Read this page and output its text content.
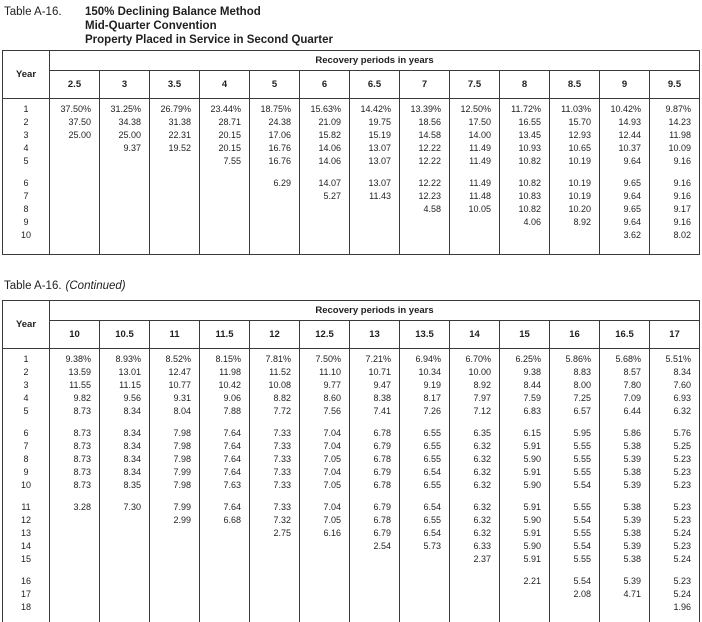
Table A-16.	150% Declining Balance Method
Mid-Quarter Convention
Property Placed in Service in Second Quarter
Year	Recovery periods in years												
	2.5	3	3.5	4	5	6	6.5	7	7.5	8	8.5	9	9.5

1	37.50%	31.25%	26.79%	23.44%	18.75%	15.63%	14.42%	13.39%	12.50%	11.72%	11.03%	10.42%	9.87%
2	37.50	34.38	31.38	28.71	24.38	21.09	19.75	18.56	17.50	16.55	15.70	14.93	14.23
3	25.00	25.00	22.31	20.15	17.06	15.82	15.19	14.58	14.00	13.45	12.93	12.44	11.98
4		9.37	19.52	20.15	16.76	14.06	13.07	12.22	11.49	10.93	10.65	10.37	10.09
5				7.55	16.76	14.06	13.07	12.22	11.49	10.82	10.19	9.64	9.16

6					6.29	14.07	13.07	12.22	11.49	10.82	10.19	9.65	9.16
7						5.27	11.43	12.23	11.48	10.83	10.19	9.64	9.16
8								4.58	10.05	10.82	10.20	9.65	9.17
9										4.06	8.92	9.64	9.16
10												3.62	8.02

Table A-16. (Continued)
Year	Recovery periods in years												
	10	10.5	11	11.5	12	12.5	13	13.5	14	15	16	16.5	17

1	9.38%	8.93%	8.52%	8.15%	7.81%	7.50%	7.21%	6.94%	6.70%	6.25%	5.86%	5.68%	5.51%
2	13.59	13.01	12.47	11.98	11.52	11.10	10.71	10.34	10.00	9.38	8.83	8.57	8.34
3	11.55	11.15	10.77	10.42	10.08	9.77	9.47	9.19	8.92	8.44	8.00	7.80	7.60
4	9.82	9.56	9.31	9.06	8.82	8.60	8.38	8.17	7.97	7.59	7.25	7.09	6.93
5	8.73	8.34	8.04	7.88	7.72	7.56	7.41	7.26	7.12	6.83	6.57	6.44	6.32

6	8.73	8.34	7.98	7.64	7.33	7.04	6.78	6.55	6.35	6.15	5.95	5.86	5.76
7	8.73	8.34	7.98	7.64	7.33	7.04	6.79	6.55	6.32	5.91	5.55	5.38	5.25
8	8.73	8.34	7.98	7.64	7.33	7.05	6.78	6.55	6.32	5.90	5.55	5.39	5.23
9	8.73	8.34	7.99	7.64	7.33	7.04	6.79	6.54	6.32	5.91	5.55	5.38	5.23
10	8.73	8.35	7.98	7.63	7.33	7.05	6.78	6.55	6.32	5.90	5.54	5.39	5.23

11	3.28	7.30	7.99	7.64	7.33	7.04	6.79	6.54	6.32	5.91	5.55	5.38	5.23
12			2.99	6.68	7.32	7.05	6.78	6.55	6.32	5.90	5.54	5.39	5.23
13					2.75	6.16	6.79	6.54	6.32	5.91	5.55	5.38	5.24
14							2.54	5.73	6.33	5.90	5.54	5.39	5.23
15									2.37	5.91	5.55	5.38	5.24

16										2.21	5.54	5.39	5.23
17											2.08	4.71	5.24
18													1.96
